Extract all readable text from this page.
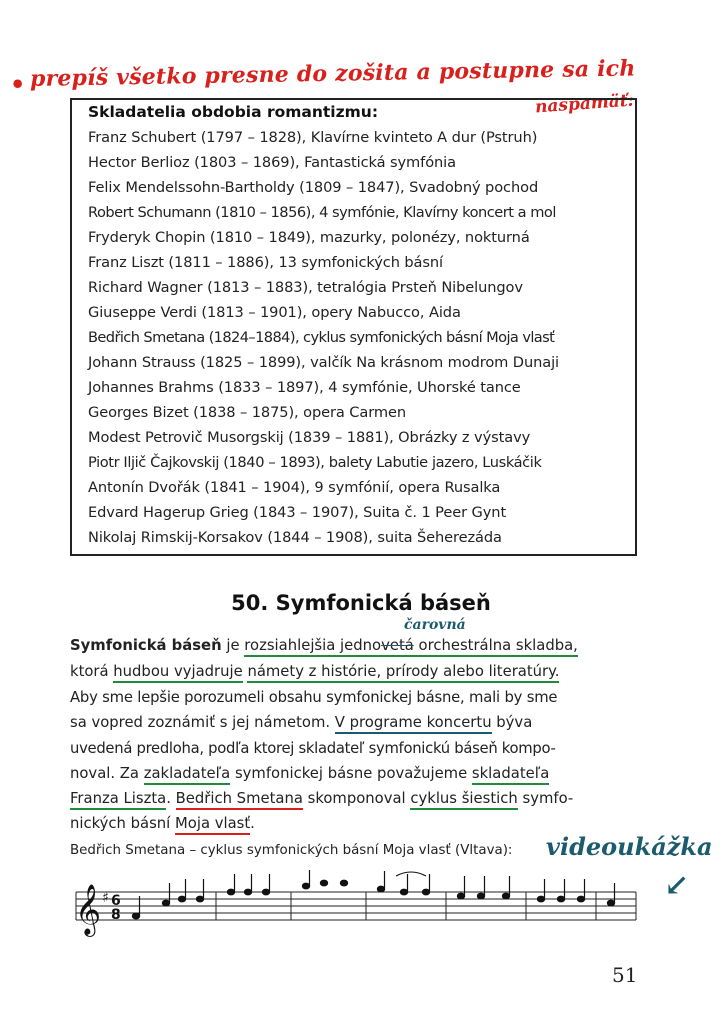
• prepíš všetko presne do zošita a postupne sa ich
naspamäť:
Skladatelia obdobia romantizmu:
Franz Schubert (1797 – 1828), Klavírne kvinteto A dur (Pstruh)
Hector Berlioz (1803 – 1869), Fantastická symfónia
Felix Mendelssohn-Bartholdy (1809 – 1847), Svadobný pochod
Robert Schumann (1810 – 1856), 4 symfónie, Klavírny koncert a mol
Fryderyk Chopin (1810 – 1849), mazurky, polonézy, nokturná
Franz Liszt (1811 – 1886), 13 symfonických básní
Richard Wagner (1813 – 1883), tetralógia Prsteň Nibelungov
Giuseppe Verdi (1813 – 1901), opery Nabucco, Aida
Bedřich Smetana (1824–1884), cyklus symfonických básní Moja vlasť
Johann Strauss (1825 – 1899), valčík Na krásnom modrom Dunaji
Johannes Brahms (1833 – 1897), 4 symfónie, Uhorské tance
Georges Bizet (1838 – 1875), opera Carmen
Modest Petrovič Musorgskij (1839 – 1881), Obrázky z výstavy
Piotr Iljič Čajkovskij (1840 – 1893), balety Labutie jazero, Luskáčik
Antonín Dvořák (1841 – 1904), 9 symfónií, opera Rusalka
Edvard Hagerup Grieg (1843 – 1907), Suita č. 1 Peer Gynt
Nikolaj Rimskij-Korsakov (1844 – 1908), suita Šeherezáda
50. Symfonická báseň
čarovná
Symfonická báseň je rozsiahlejšia jednovetá orchestrálna skladba,
ktorá hudbou vyjadruje námety z histórie, prírody alebo literatúry.
Aby sme lepšie porozumeli obsahu symfonickej básne, mali by sme
sa vopred zoznámiť s jej námetom. V programe koncertu býva
uvedená predloha, podľa ktorej skladateľ symfonickú báseň kompo-
noval. Za zakladateľa symfonickej básne považujeme skladateľa
Franza Liszta. Bedřich Smetana skomponoval cyklus šiestich symfo-
nických básní Moja vlasť.
videoukážka
↙
Bedřich Smetana – cyklus symfonických básní Moja vlasť (Vltava):
𝄞 ♯ 6
8
51
